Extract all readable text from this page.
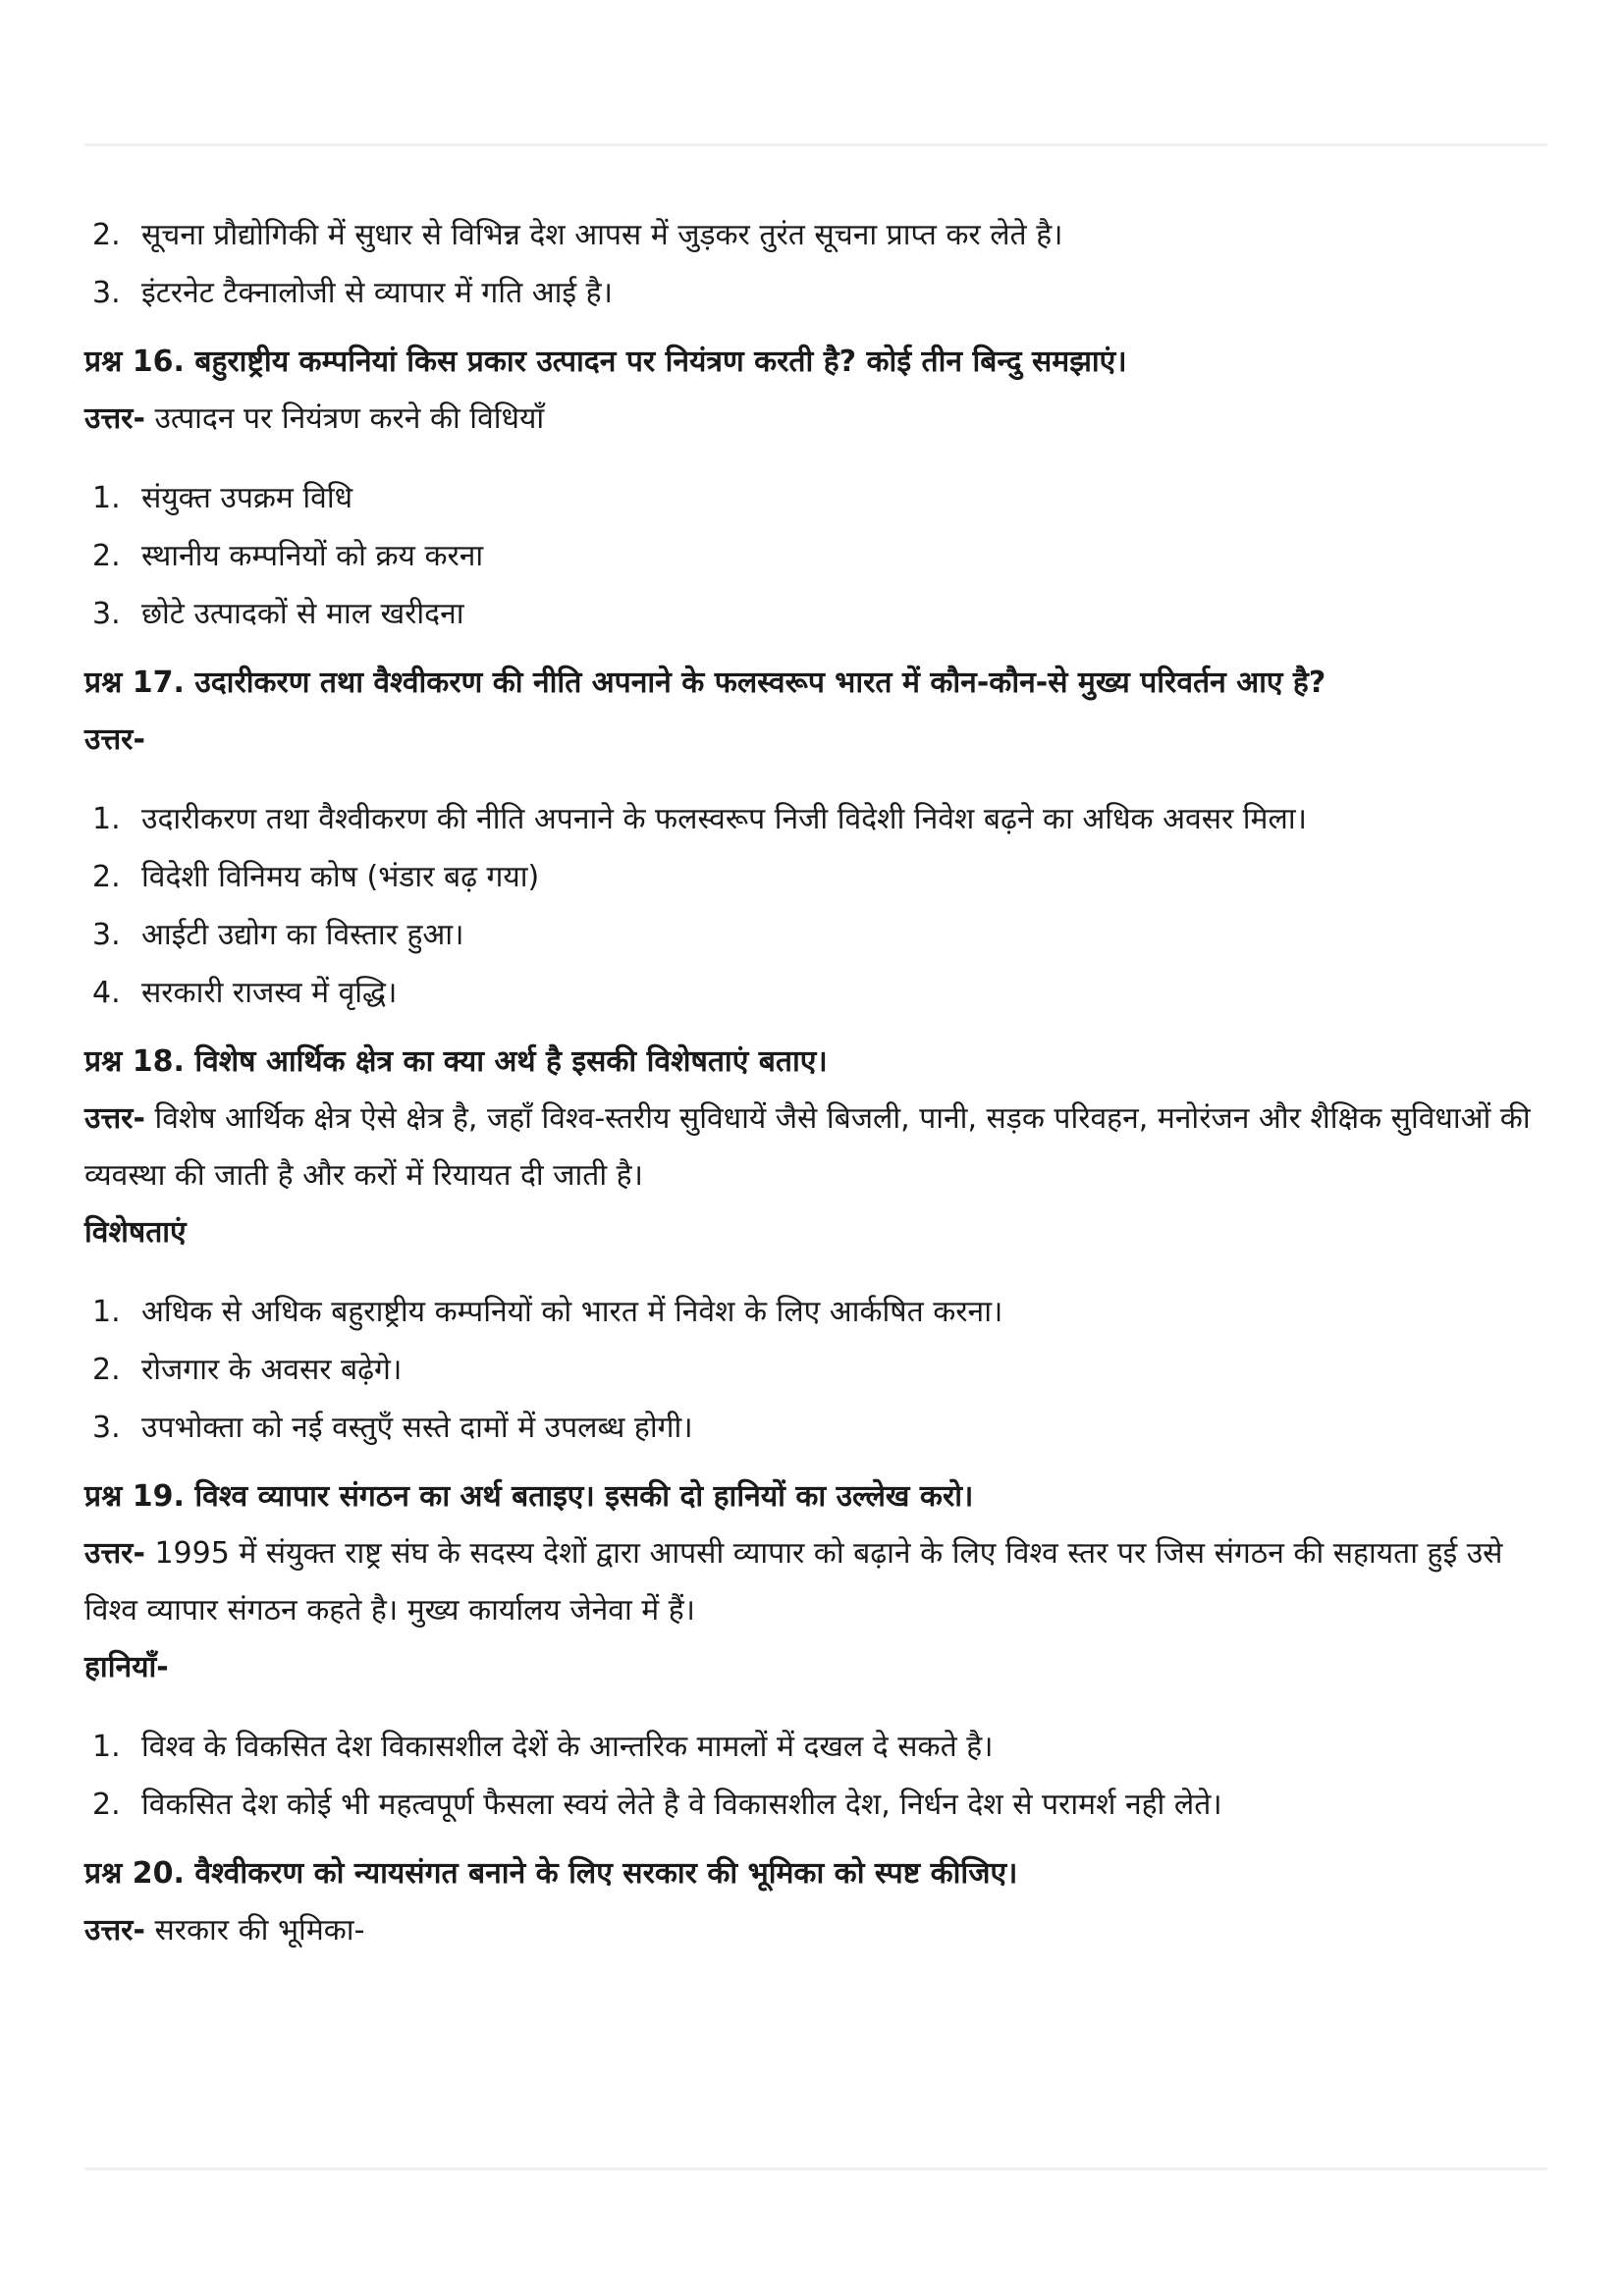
2. सूचना प्रौद्योगिकी में सुधार से विभिन्न देश आपस में जुड़कर तुरंत सूचना प्राप्त कर लेते है।
3. इंटरनेट टैक्नालोजी से व्यापार में गति आई है।

प्रश्न 16. बहुराष्ट्रीय कम्पनियां किस प्रकार उत्पादन पर नियंत्रण करती है? कोई तीन बिन्दु समझाएं।

उत्तर- उत्पादन पर नियंत्रण करने की विधियाँ

1. संयुक्त उपक्रम विधि
2. स्थानीय कम्पनियों को क्रय करना
3. छोटे उत्पादकों से माल खरीदना

प्रश्न 17. उदारीकरण तथा वैश्वीकरण की नीति अपनाने के फलस्वरूप भारत में कौन-कौन-से मुख्य परिवर्तन आए है?

उत्तर-

1. उदारीकरण तथा वैश्वीकरण की नीति अपनाने के फलस्वरूप निजी विदेशी निवेश बढ़ने का अधिक अवसर मिला।
2. विदेशी विनिमय कोष (भंडार बढ़ गया)
3. आईटी उद्योग का विस्तार हुआ।
4. सरकारी राजस्व में वृद्धि।

प्रश्न 18. विशेष आर्थिक क्षेत्र का क्या अर्थ है इसकी विशेषताएं बताए।

उत्तर- विशेष आर्थिक क्षेत्र ऐसे क्षेत्र है, जहाँ विश्व-स्तरीय सुविधायें जैसे बिजली, पानी, सड़क परिवहन, मनोरंजन और शैक्षिक सुविधाओं की व्यवस्था की जाती है और करों में रियायत दी जाती है।

विशेषताएं

1. अधिक से अधिक बहुराष्ट्रीय कम्पनियों को भारत में निवेश के लिए आर्कषित करना।
2. रोजगार के अवसर बढ़ेगे।
3. उपभोक्ता को नई वस्तुएँ सस्ते दामों में उपलब्ध होगी।

प्रश्न 19. विश्व व्यापार संगठन का अर्थ बताइए। इसकी दो हानियों का उल्लेख करो।

उत्तर- 1995 में संयुक्त राष्ट्र संघ के सदस्य देशों द्वारा आपसी व्यापार को बढ़ाने के लिए विश्व स्तर पर जिस संगठन की सहायता हुई उसे विश्व व्यापार संगठन कहते है। मुख्य कार्यालय जेनेवा में हैं।

हानियाँ-

1. विश्व के विकसित देश विकासशील देशें के आन्तरिक मामलों में दखल दे सकते है।
2. विकसित देश कोई भी महत्वपूर्ण फैसला स्वयं लेते है वे विकासशील देश, निर्धन देश से परामर्श नही लेते।

प्रश्न 20. वैश्वीकरण को न्यायसंगत बनाने के लिए सरकार की भूमिका को स्पष्ट कीजिए।

उत्तर- सरकार की भूमिका-
